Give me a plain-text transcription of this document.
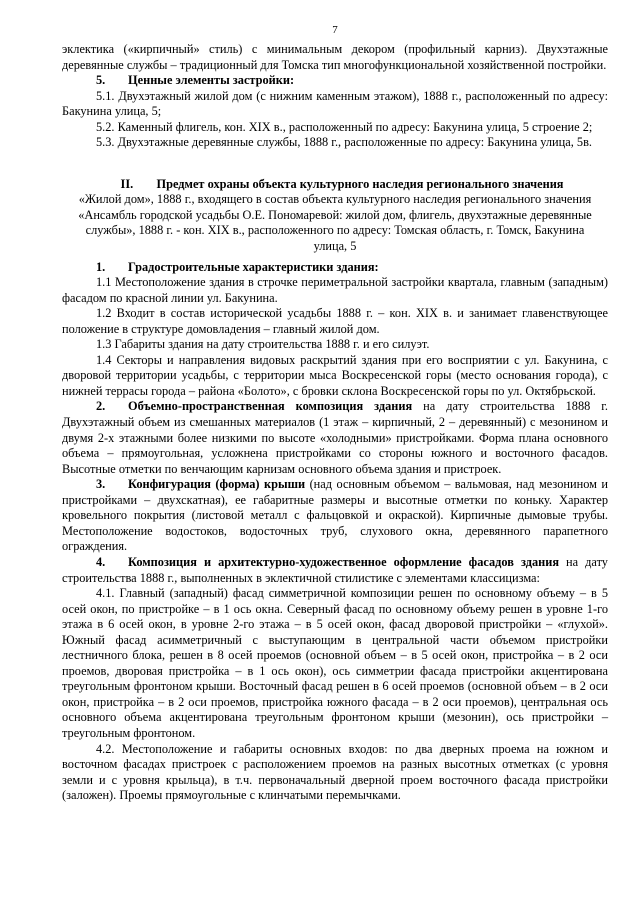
7

эклектика («кирпичный» стиль) с минимальным декором (профильный карниз). Двухэтажные деревянные службы – традиционный для Томска тип многофункциональной хозяйственной постройки.

5. Ценные элементы застройки:

5.1. Двухэтажный жилой дом (с нижним каменным этажом), 1888 г., расположенный по адресу: Бакунина улица, 5;

5.2. Каменный флигель, кон. XIX в., расположенный по адресу: Бакунина улица, 5 строение 2;

5.3. Двухэтажные деревянные службы, 1888 г., расположенные по адресу: Бакунина улица, 5в.

II. Предмет охраны объекта культурного наследия регионального значения

«Жилой дом», 1888 г., входящего в состав объекта культурного наследия регионального значения «Ансамбль городской усадьбы О.Е. Пономаревой: жилой дом, флигель, двухэтажные деревянные службы», 1888 г. - кон. XIX в., расположенного по адресу: Томская область, г. Томск, Бакунина улица, 5

1. Градостроительные характеристики здания:

1.1 Местоположение здания в строчке периметральной застройки квартала, главным (западным) фасадом по красной линии ул. Бакунина.

1.2 Входит в состав исторической усадьбы 1888 г. – кон. XIX в. и занимает главенствующее положение в структуре домовладения – главный жилой дом.

1.3 Габариты здания на дату строительства 1888 г. и его силуэт.

1.4 Секторы и направления видовых раскрытий здания при его восприятии с ул. Бакунина, с дворовой территории усадьбы, с территории мыса Воскресенской горы (место основания города), с нижней террасы города – района «Болото», с бровки склона Воскресенской горы по ул. Октябрьской.

2. Объемно-пространственная композиция здания на дату строительства 1888 г. Двухэтажный объем из смешанных материалов (1 этаж – кирпичный, 2 – деревянный) с мезонином и двумя 2-х этажными более низкими по высоте «холодными» пристройками. Форма плана основного объема – прямоугольная, усложнена пристройками со стороны южного и восточного фасадов. Высотные отметки по венчающим карнизам основного объема здания и пристроек.

3. Конфигурация (форма) крыши (над основным объемом – вальмовая, над мезонином и пристройками – двухскатная), ее габаритные размеры и высотные отметки по коньку. Характер кровельного покрытия (листовой металл с фальцовкой и окраской). Кирпичные дымовые трубы. Местоположение водостоков, водосточных труб, слухового окна, деревянного парапетного ограждения.

4. Композиция и архитектурно-художественное оформление фасадов здания на дату строительства 1888 г., выполненных в эклектичной стилистике с элементами классицизма:

4.1. Главный (западный) фасад симметричной композиции решен по основному объему – в 5 осей окон, по пристройке – в 1 ось окна. Северный фасад по основному объему решен в уровне 1-го этажа в 6 осей окон, в уровне 2-го этажа – в 5 осей окон, фасад дворовой пристройки – «глухой». Южный фасад асимметричный с выступающим в центральной части объемом пристройки лестничного блока, решен в 8 осей проемов (основной объем – в 5 осей окон, пристройка – в 2 оси проемов, дворовая пристройка – в 1 ось окон), ось симметрии фасада пристройки акцентирована треугольным фронтоном крыши. Восточный фасад решен в 6 осей проемов (основной объем – в 2 оси окон, пристройка – в 2 оси проемов, пристройка южного фасада – в 2 оси проемов), центральная ось основного объема акцентирована треугольным фронтоном крыши (мезонин), ось пристройки – треугольным фронтоном.

4.2. Местоположение и габариты основных входов: по два дверных проема на южном и восточном фасадах пристроек с расположением проемов на разных высотных отметках (с уровня земли и с уровня крыльца), в т.ч. первоначальный дверной проем восточного фасада пристройки (заложен). Проемы прямоугольные с клинчатыми перемычками.
